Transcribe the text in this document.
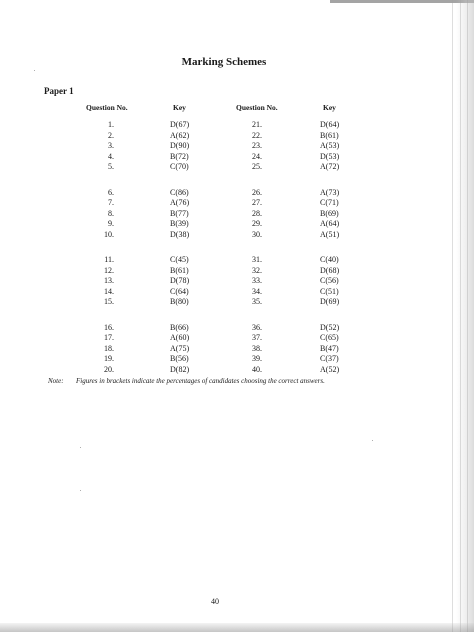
Marking Schemes
Paper 1
Question No.	Key	Question No.	Key
1.	D(67)	21.	D(64)
2.	A(62)	22.	B(61)
3.	D(90)	23.	A(53)
4.	B(72)	24.	D(53)
5.	C(70)	25.	A(72)
6.	C(86)	26.	A(73)
7.	A(76)	27.	C(71)
8.	B(77)	28.	B(69)
9.	B(39)	29.	A(64)
10.	D(38)	30.	A(51)
11.	C(45)	31.	C(40)
12.	B(61)	32.	D(68)
13.	D(78)	33.	C(56)
14.	C(64)	34.	C(51)
15.	B(80)	35.	D(69)
16.	B(66)	36.	D(52)
17.	A(60)	37.	C(65)
18.	A(75)	38.	B(47)
19.	B(56)	39.	C(37)
20.	D(82)	40.	A(52)
Note: Figures in brackets indicate the percentages of candidates choosing the correct answers.
40
